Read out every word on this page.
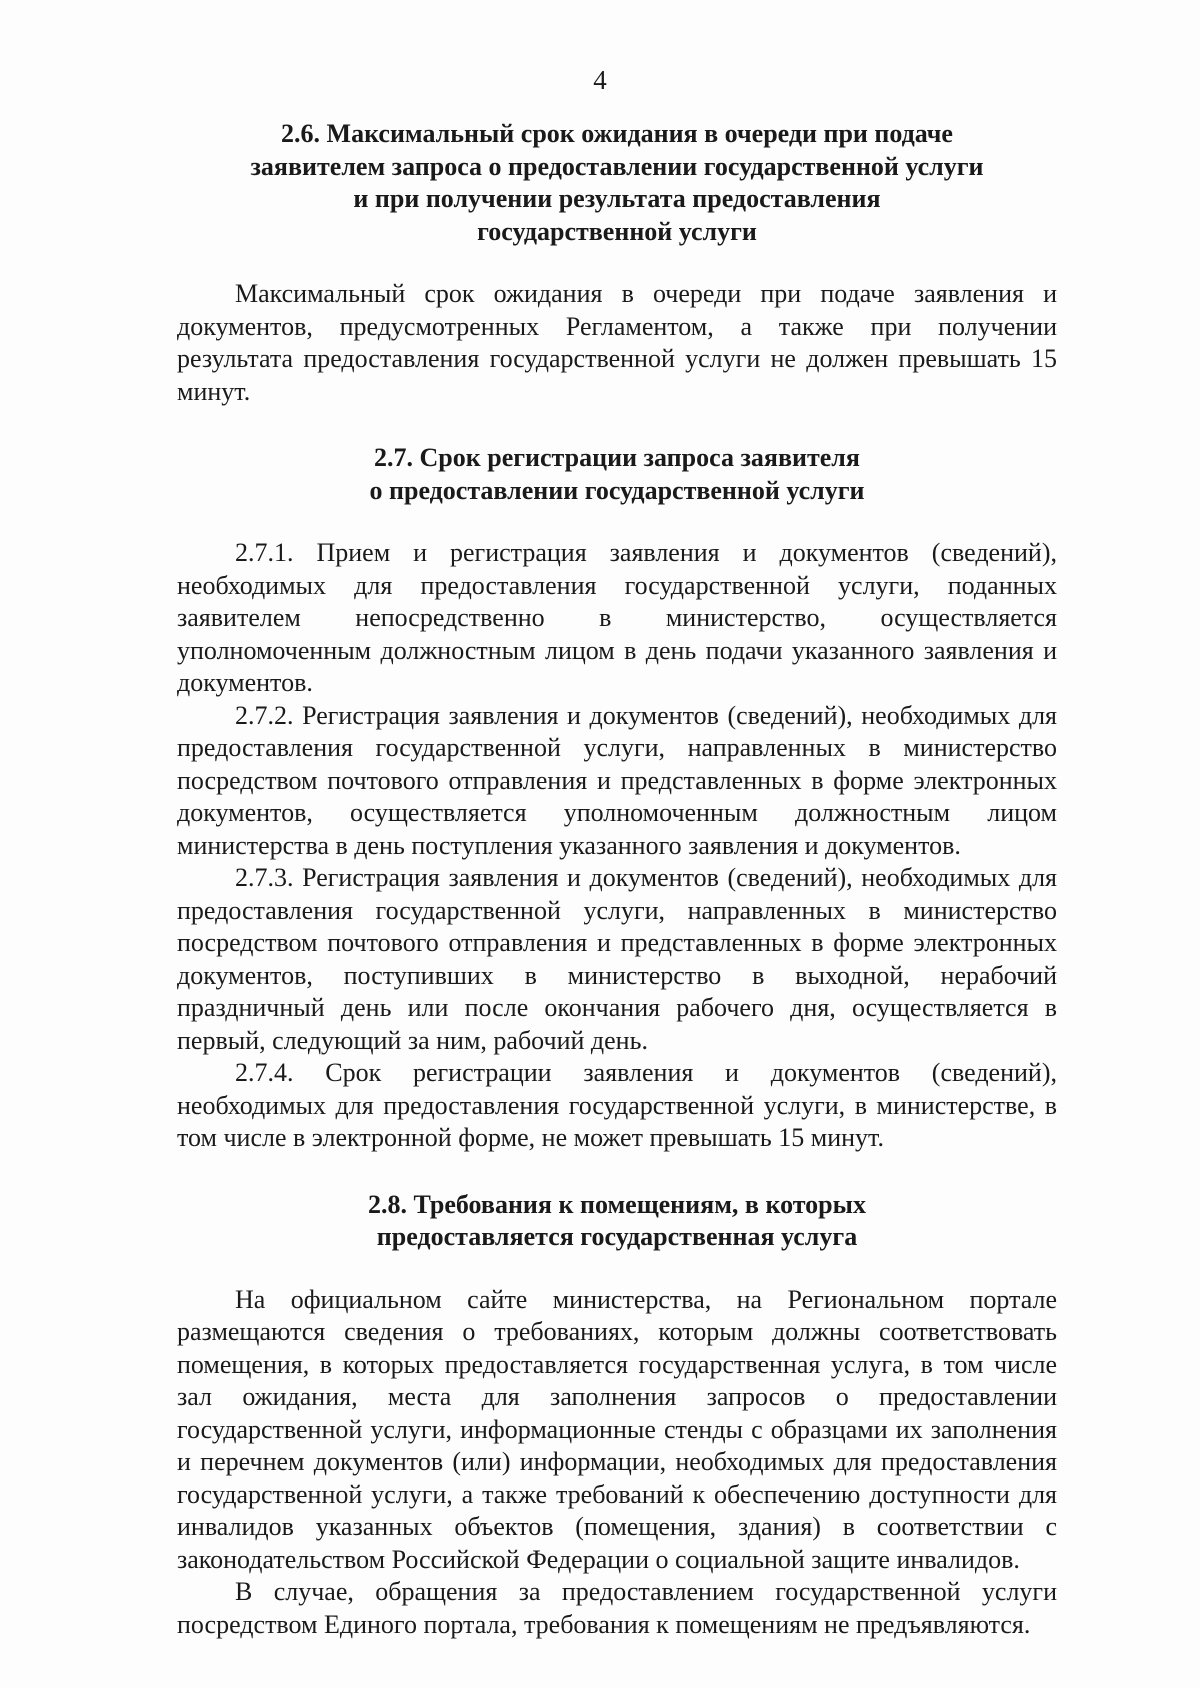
4
2.6. Максимальный срок ожидания в очереди при подаче
заявителем запроса о предоставлении государственной услуги
и при получении результата предоставления
государственной услуги

Максимальный срок ожидания в очереди при подаче заявления и документов, предусмотренных Регламентом, а также при получении результата предоставления государственной услуги не должен превышать 15 минут.

2.7. Срок регистрации запроса заявителя
о предоставлении государственной услуги

2.7.1. Прием и регистрация заявления и документов (сведений), необходимых для предоставления государственной услуги, поданных заявителем непосредственно в министерство, осуществляется уполномоченным должностным лицом в день подачи указанного заявления и документов.

2.7.2. Регистрация заявления и документов (сведений), необходимых для предоставления государственной услуги, направленных в министерство посредством почтового отправления и представленных в форме электронных документов, осуществляется уполномоченным должностным лицом министерства в день поступления указанного заявления и документов.

2.7.3. Регистрация заявления и документов (сведений), необходимых для предоставления государственной услуги, направленных в министерство посредством почтового отправления и представленных в форме электронных документов, поступивших в министерство в выходной, нерабочий праздничный день или после окончания рабочего дня, осуществляется в первый, следующий за ним, рабочий день.

2.7.4. Срок регистрации заявления и документов (сведений), необходимых для предоставления государственной услуги, в министерстве, в том числе в электронной форме, не может превышать 15 минут.

2.8. Требования к помещениям, в которых
предоставляется государственная услуга

На официальном сайте министерства, на Региональном портале размещаются сведения о требованиях, которым должны соответствовать помещения, в которых предоставляется государственная услуга, в том числе зал ожидания, места для заполнения запросов о предоставлении государственной услуги, информационные стенды с образцами их заполнения и перечнем документов (или) информации, необходимых для предоставления государственной услуги, а также требований к обеспечению доступности для инвалидов указанных объектов (помещения, здания) в соответствии с законодательством Российской Федерации о социальной защите инвалидов.

В случае, обращения за предоставлением государственной услуги посредством Единого портала, требования к помещениям не предъявляются.
